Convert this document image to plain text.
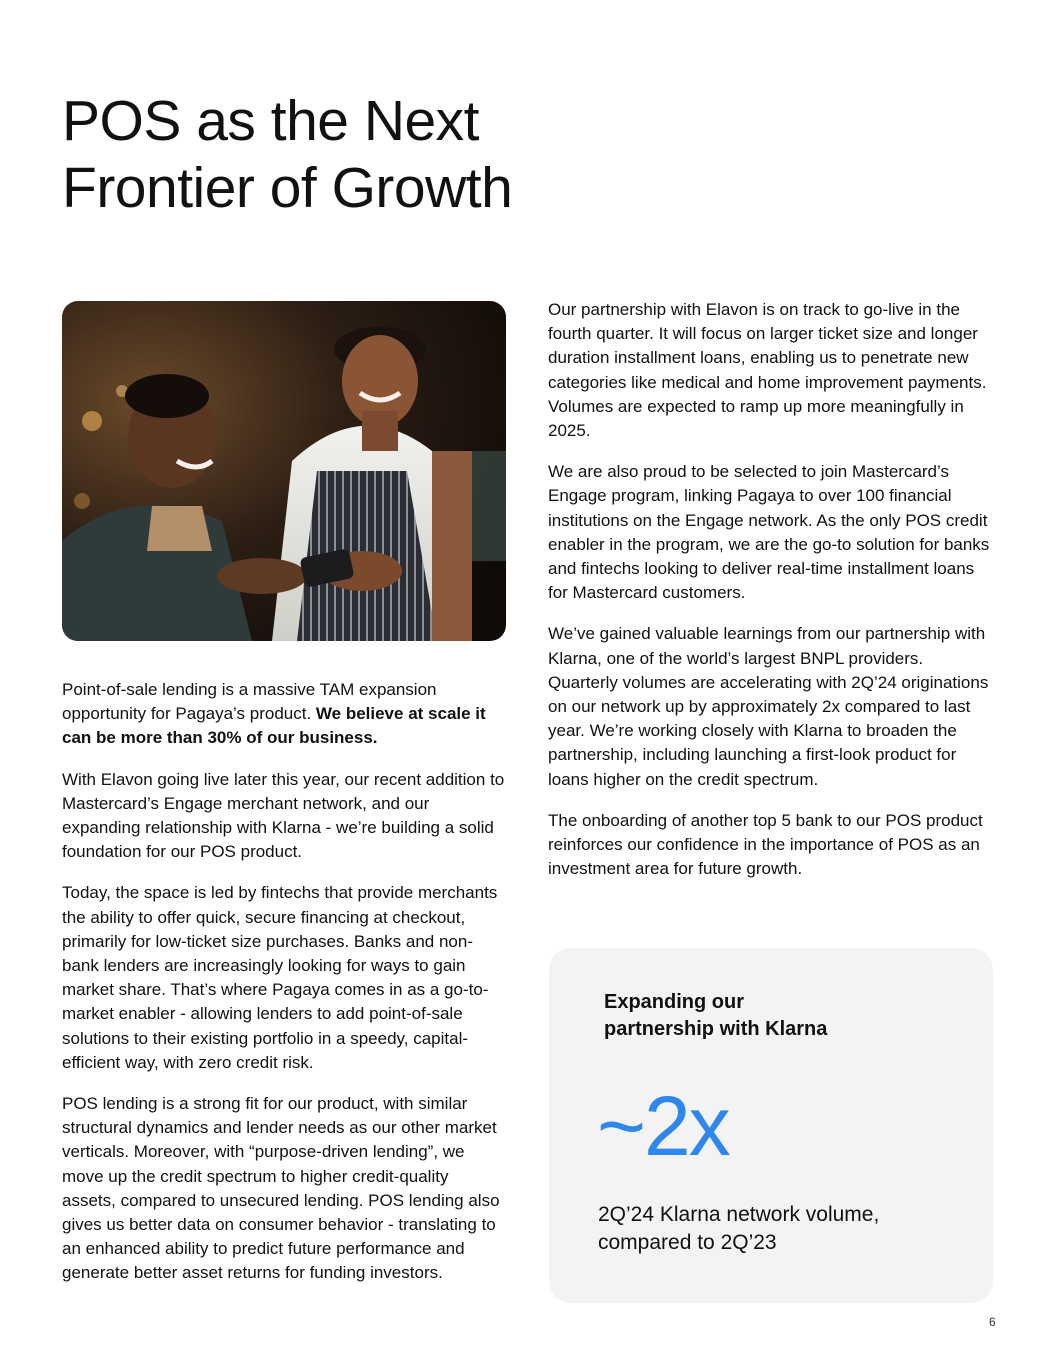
POS as the Next
Frontier of Growth

Point-of-sale lending is a massive TAM expansion opportunity for Pagaya’s product. We believe at scale it can be more than 30% of our business.

With Elavon going live later this year, our recent addition to Mastercard’s Engage merchant network, and our expanding relationship with Klarna - we’re building a solid foundation for our POS product.

Today, the space is led by fintechs that provide merchants the ability to offer quick, secure financing at checkout, primarily for low-ticket size purchases. Banks and non-bank lenders are increasingly looking for ways to gain market share. That’s where Pagaya comes in as a go-to-market enabler - allowing lenders to add point-of-sale solutions to their existing portfolio in a speedy, capital-efficient way, with zero credit risk.

POS lending is a strong fit for our product, with similar structural dynamics and lender needs as our other market verticals. Moreover, with “purpose-driven lending”, we move up the credit spectrum to higher credit-quality assets, compared to unsecured lending. POS lending also gives us better data on consumer behavior - translating to an enhanced ability to predict future performance and generate better asset returns for funding investors.

Our partnership with Elavon is on track to go-live in the fourth quarter. It will focus on larger ticket size and longer duration installment loans, enabling us to penetrate new categories like medical and home improvement payments. Volumes are expected to ramp up more meaningfully in 2025.

We are also proud to be selected to join Mastercard’s Engage program, linking Pagaya to over 100 financial institutions on the Engage network. As the only POS credit enabler in the program, we are the go-to solution for banks and fintechs looking to deliver real-time installment loans for Mastercard customers.

We’ve gained valuable learnings from our partnership with Klarna, one of the world’s largest BNPL providers. Quarterly volumes are accelerating with 2Q’24 originations on our network up by approximately 2x compared to last year. We’re working closely with Klarna to broaden the partnership, including launching a first-look product for loans higher on the credit spectrum.

The onboarding of another top 5 bank to our POS product reinforces our confidence in the importance of POS as an investment area for future growth.

Expanding our
partnership with Klarna
~2x
2Q’24 Klarna network volume,
compared to 2Q’23
6
